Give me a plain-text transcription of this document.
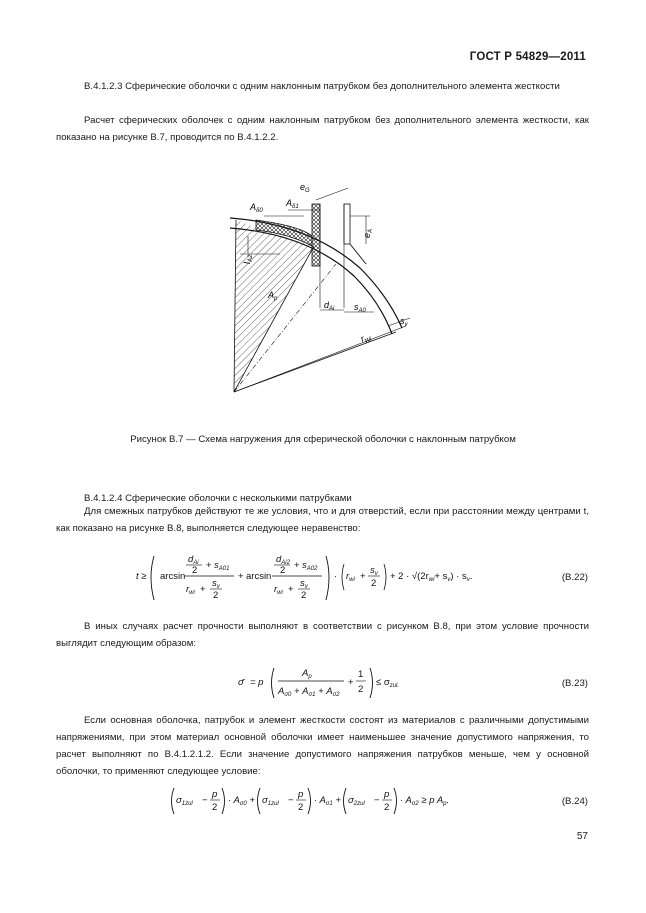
ГОСТ Р 54829—2011
В.4.1.2.3 Сферические оболочки с одним наклонным патрубком без дополнительного элемента жесткости
Расчет сферических оболочек с одним наклонным патрубком без дополнительного элемента жесткости, как показано на рисунке В.7, проводится по В.4.1.2.2.
$e_G$
$A_{\delta 0}$
$A_{\delta 1}$
$e_A$
$l_{A2}$
$A_p$
$d_{Ai}$ $s_{A0}$
$s_v$
$r_{Wi}$
Рисунок В.7 — Схема нагружения для сферической оболочки с наклонным патрубком
В.4.1.2.4 Сферические оболочки с несколькими патрубками
Для смежных патрубков действуют те же условия, что и для отверстий, если при расстоянии между центрами t, как показано на рисунке В.8, выполняется следующее неравенство:
t ≥ arcsin
$d_{Ai}$
$2 + s_{A01}$
$r_{wi}$ +
$s_v$
2
+ arcsin
$d_{Ai2}$
$2 + s_{A02}$
$r_{wi}$ +
$s_v$
2
· $r_{wi}$ +
$s_v$
2
+ $2 \cdot √(2r_{wi}+ s_v) \cdot s_v$.	(В.22)
В иных случаях расчет прочности выполняют в соответствии с рисунком В.8, при этом условие прочности выглядит следующим образом:
σ̄ = p
$A_p$
$A_{\sigma 0} + A_{\sigma 1} + A_{\sigma 2}$
+
1
2
≤ $\sigma_{zul.}$	(В.23)
Если основная оболочка, патрубок и элемент жесткости состоят из материалов с различными допустимыми напряжениями, при этом материал основной оболочки имеет наименьшее значение допустимого напряжения, то расчет выполняют по В.4.1.2.1.2. Если значение допустимого напряжения патрубков меньше, чем у основной оболочки, то применяют следующее условие:
$\sigma_{1zul}$ −
p
2
· $A_{\sigma 0} + \sigma_{1zul}$ −
p
2
· $A_{\sigma 1} + \sigma_{2zul}$ −
p
2
· $A_{\sigma 2} \ge p$ $A_p$.	(В.24)
57
